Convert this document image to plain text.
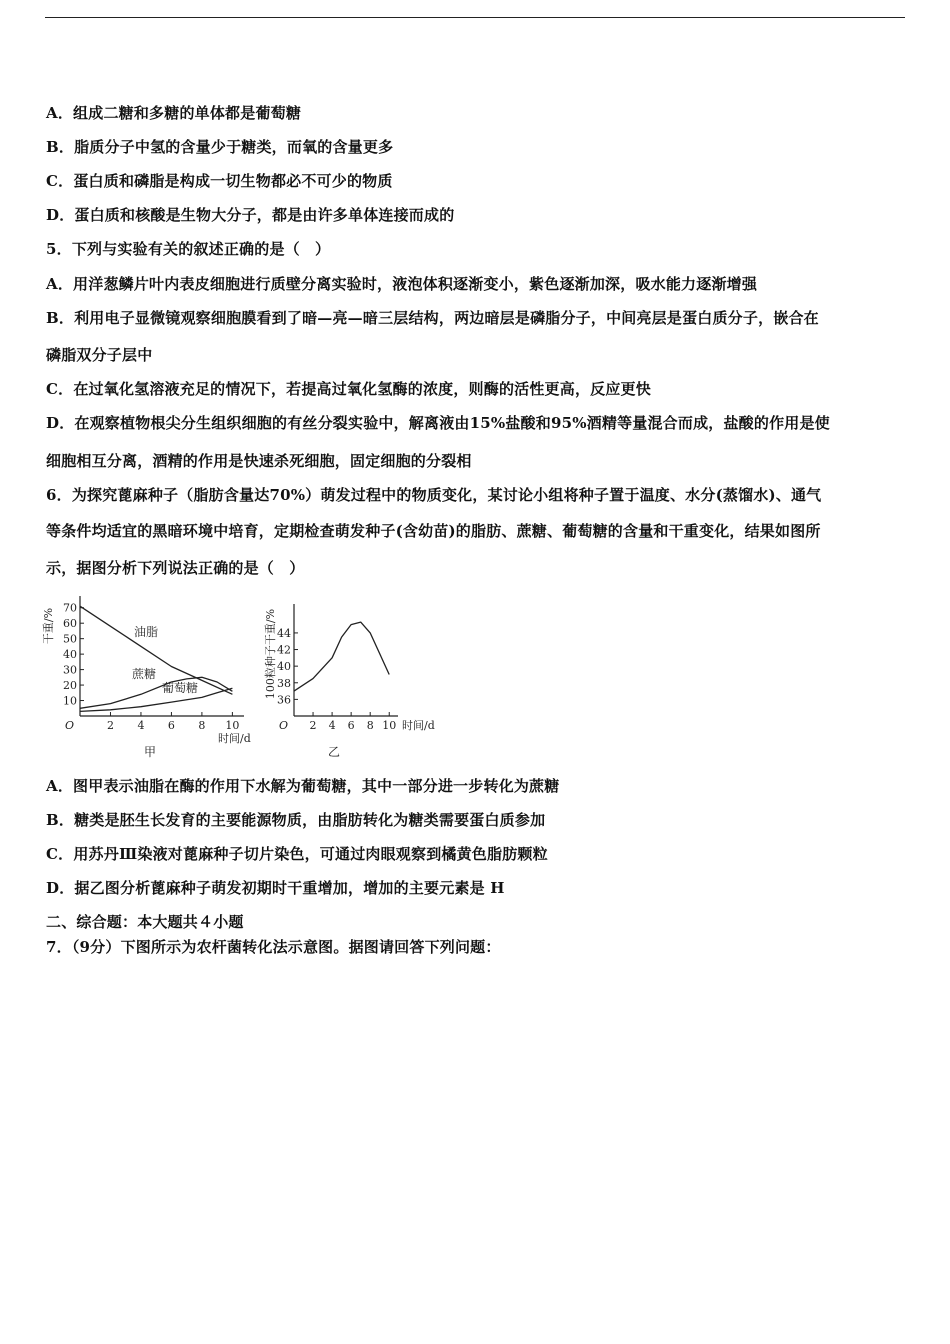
A．组成二糖和多糖的单体都是葡萄糖
B．脂质分子中氢的含量少于糖类，而氧的含量更多
C．蛋白质和磷脂是构成一切生物都必不可少的物质
D．蛋白质和核酸是生物大分子，都是由许多单体连接而成的
5．下列与实验有关的叙述正确的是（　）
A．用洋葱鳞片叶内表皮细胞进行质壁分离实验时，液泡体积逐渐变小，紫色逐渐加深，吸水能力逐渐增强
B．利用电子显微镜观察细胞膜看到了暗—亮—暗三层结构，两边暗层是磷脂分子，中间亮层是蛋白质分子，嵌合在
磷脂双分子层中
C．在过氧化氢溶液充足的情况下，若提高过氧化氢酶的浓度，则酶的活性更高，反应更快
D．在观察植物根尖分生组织细胞的有丝分裂实验中，解离液由15%盐酸和95%酒精等量混合而成，盐酸的作用是使
细胞相互分离，酒精的作用是快速杀死细胞，固定细胞的分裂相
6．为探究蓖麻种子（脂肪含量达70%）萌发过程中的物质变化，某讨论小组将种子置于温度、水分(蒸馏水)、通气
等条件均适宜的黑暗环境中培育，定期检查萌发种子(含幼苗)的脂肪、蔗糖、葡萄糖的含量和干重变化，结果如图所
示，据图分析下列说法正确的是（　）
10
20
30
40
50
60
70
2 4 6 8 10
O
时间/d
干重/%
甲
油脂
蔗糖
葡萄糖
36
38
40
42
44
2 4 6 8 10
O	时间/d
100粒种子干重/%
乙
A．图甲表示油脂在酶的作用下水解为葡萄糖，其中一部分进一步转化为蔗糖
B．糖类是胚生长发育的主要能源物质，由脂肪转化为糖类需要蛋白质参加
C．用苏丹Ⅲ染液对蓖麻种子切片染色，可通过肉眼观察到橘黄色脂肪颗粒
D．据乙图分析蓖麻种子萌发初期时干重增加，增加的主要元素是 H
二、综合题：本大题共４小题
7．（9分）下图所示为农杆菌转化法示意图。据图请回答下列问题：
